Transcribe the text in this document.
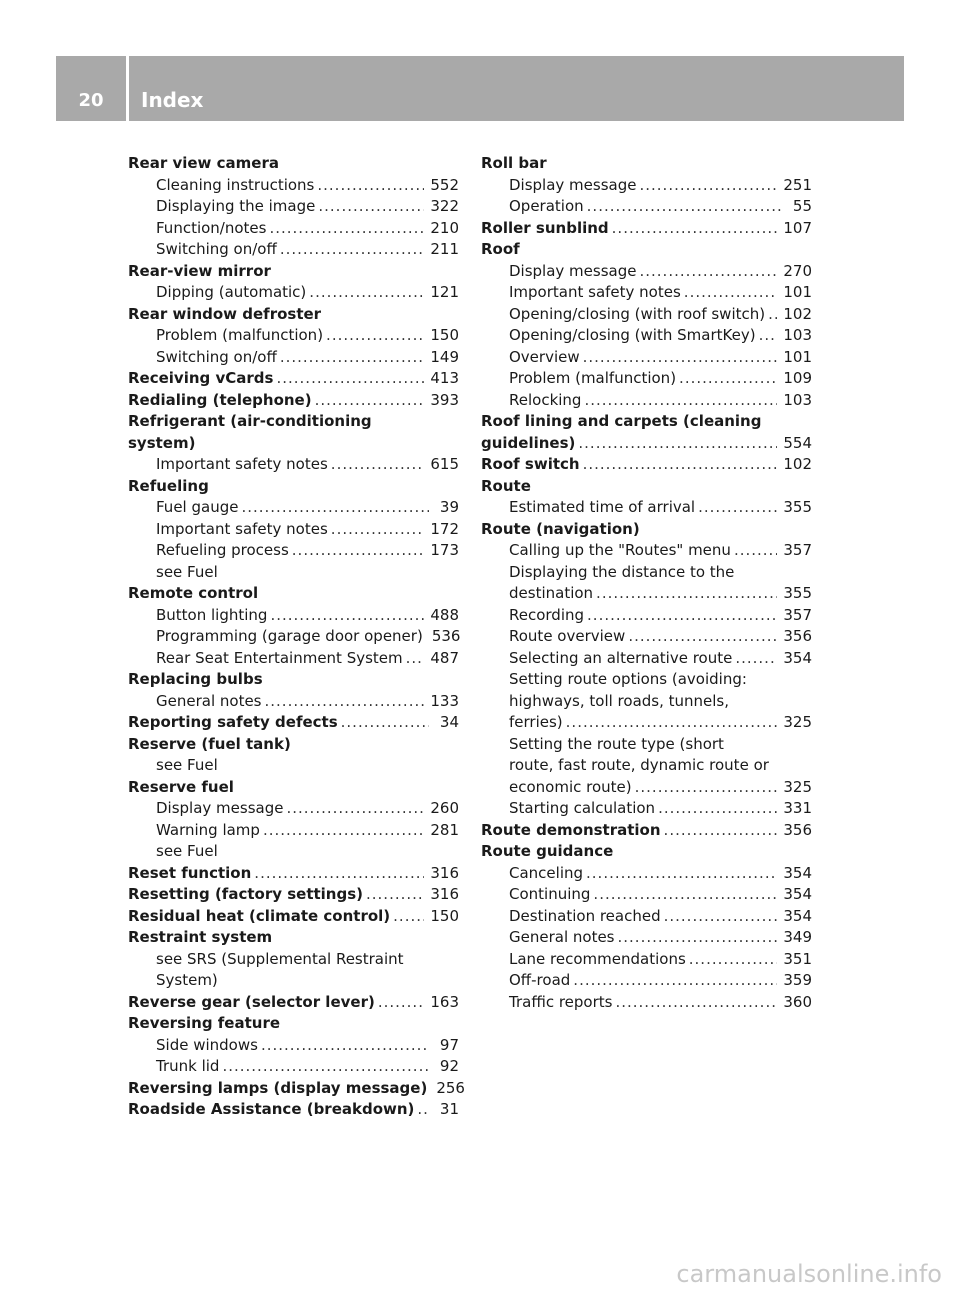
20	Index
Rear view camera
Cleaning instructions .....	552
Displaying the image .....	322
Function/notes .....	210
Switching on/off .....	211
Rear-view mirror
Dipping (automatic) .....	121
Rear window defroster
Problem (malfunction) .....	150
Switching on/off .....	149
Receiving vCards .....	413
Redialing (telephone) .....	393
Refrigerant (air-conditioning
system)
Important safety notes .....	615
Refueling
Fuel gauge .....	39
Important safety notes .....	172
Refueling process .....	173
see Fuel
Remote control
Button lighting .....	488
Programming (garage door opener) 536
Rear Seat Entertainment System ..... 487
Replacing bulbs
General notes .....	133
Reporting safety defects .....	34
Reserve (fuel tank)
see Fuel
Reserve fuel
Display message .....	260
Warning lamp .....	281
see Fuel
Reset function .....	316
Resetting (factory settings) .....	316
Residual heat (climate control) .....	150
Restraint system
see SRS (Supplemental Restraint
System)
Reverse gear (selector lever) .....	163
Reversing feature
Side windows .....	97
Trunk lid .....	92
Reversing lamps (display message) 256
Roadside Assistance (breakdown) .....	31
Roll bar
Display message .....	251
Operation .....	55
Roller sunblind .....	107
Roof
Display message .....	270
Important safety notes .....	101
Opening/closing (with roof switch) ..... 102
Opening/closing (with SmartKey) ..... 103
Overview .....	101
Problem (malfunction) .....	109
Relocking .....	103
Roof lining and carpets (cleaning
guidelines) .....	554
Roof switch .....	102
Route
Estimated time of arrival .....	355
Route (navigation)
Calling up the "Routes" menu .....	357
Displaying the distance to the
destination .....	355
Recording .....	357
Route overview .....	356
Selecting an alternative route .....	354
Setting route options (avoiding:
highways, toll roads, tunnels,
ferries) .....	325
Setting the route type (short
route, fast route, dynamic route or
economic route) .....	325
Starting calculation .....	331
Route demonstration .....	356
Route guidance
Canceling .....	354
Continuing .....	354
Destination reached .....	354
General notes .....	349
Lane recommendations .....	351
Off-road .....	359
Traffic reports .....	360
carmanualsonline.info
